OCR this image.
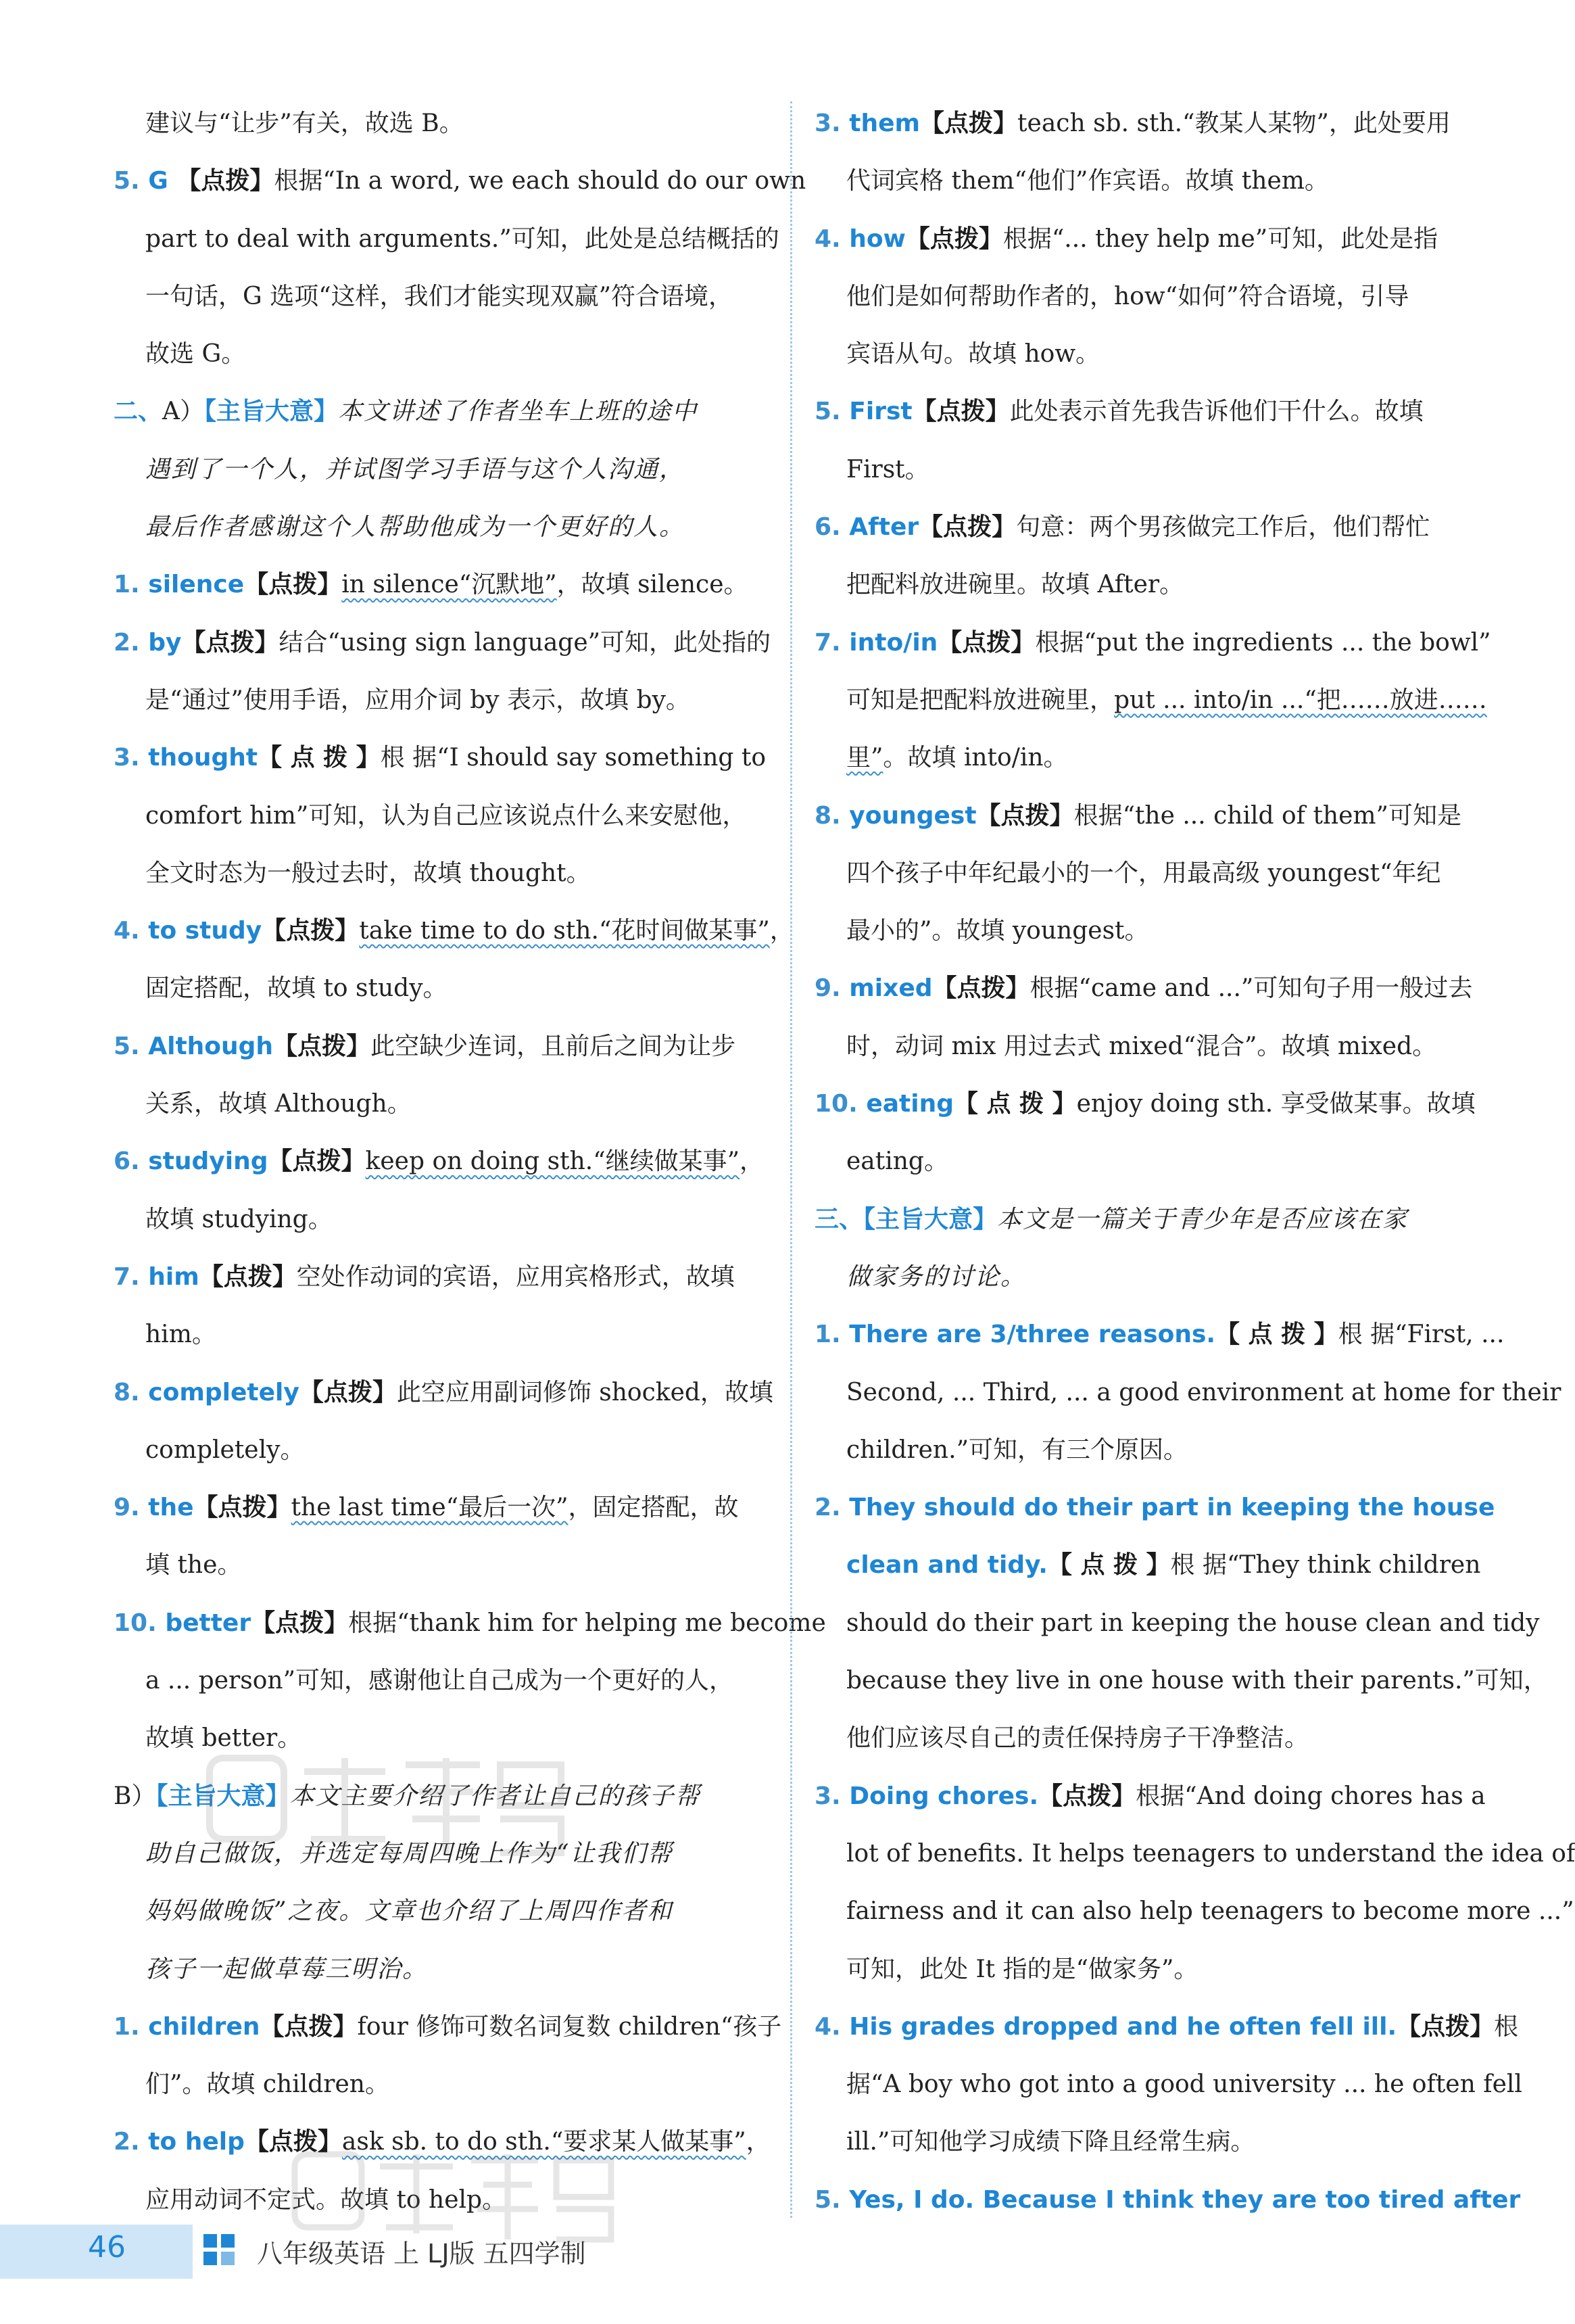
建议与“让步”有关，故选 B。
5. G 【点拨】根据“In a word, we each should do our own
part to deal with arguments.”可知，此处是总结概括的
一句话，G 选项“这样，我们才能实现双赢”符合语境，
故选 G。
二、A）【主旨大意】本文讲述了作者坐车上班的途中
遇到了一个人，并试图学习手语与这个人沟通，
最后作者感谢这个人帮助他成为一个更好的人。
1. silence【点拨】in silence“沉默地”，故填 silence。
2. by【点拨】结合“using sign language”可知，此处指的
是“通过”使用手语，应用介词 by 表示，故填 by。
3. thought【 点 拨 】根 据“I should say something to
comfort him”可知，认为自己应该说点什么来安慰他，
全文时态为一般过去时，故填 thought。
4. to study【点拨】take time to do sth.“花时间做某事”，
固定搭配，故填 to study。
5. Although【点拨】此空缺少连词，且前后之间为让步
关系，故填 Although。
6. studying【点拨】keep on doing sth.“继续做某事”，
故填 studying。
7. him【点拨】空处作动词的宾语，应用宾格形式，故填
him。
8. completely【点拨】此空应用副词修饰 shocked，故填
completely。
9. the【点拨】the last time“最后一次”，固定搭配，故
填 the。
10. better【点拨】根据“thank him for helping me become
a ... person”可知，感谢他让自己成为一个更好的人，
故填 better。
B）【主旨大意】本文主要介绍了作者让自己的孩子帮
助自己做饭，并选定每周四晚上作为“让我们帮
妈妈做晚饭”之夜。文章也介绍了上周四作者和
孩子一起做草莓三明治。
1. children【点拨】four 修饰可数名词复数 children“孩子
们”。故填 children。
2. to help【点拨】ask sb. to do sth.“要求某人做某事”，
应用动词不定式。故填 to help。
3. them【点拨】teach sb. sth.“教某人某物”，此处要用
代词宾格 them“他们”作宾语。故填 them。
4. how【点拨】根据“... they help me”可知，此处是指
他们是如何帮助作者的，how“如何”符合语境，引导
宾语从句。故填 how。
5. First【点拨】此处表示首先我告诉他们干什么。故填
First。
6. After【点拨】句意：两个男孩做完工作后，他们帮忙
把配料放进碗里。故填 After。
7. into/in【点拨】根据“put the ingredients ... the bowl”
可知是把配料放进碗里，put ... into/in ...“把……放进……
里”。故填 into/in。
8. youngest【点拨】根据“the ... child of them”可知是
四个孩子中年纪最小的一个，用最高级 youngest“年纪
最小的”。故填 youngest。
9. mixed【点拨】根据“came and ...”可知句子用一般过去
时，动词 mix 用过去式 mixed“混合”。故填 mixed。
10. eating【 点 拨 】enjoy doing sth. 享受做某事。故填
eating。
三、【主旨大意】本文是一篇关于青少年是否应该在家
做家务的讨论。
1. There are 3/three reasons.【 点 拨 】根 据“First, ...
Second, ... Third, ... a good environment at home for their
children.”可知，有三个原因。
2. They should do their part in keeping the house
clean and tidy.【 点 拨 】根 据“They think children
should do their part in keeping the house clean and tidy
because they live in one house with their parents.”可知，
他们应该尽自己的责任保持房子干净整洁。
3. Doing chores.【点拨】根据“And doing chores has a
lot of benefits. It helps teenagers to understand the idea of
fairness and it can also help teenagers to become more ...”
可知，此处 It 指的是“做家务”。
4. His grades dropped and he often fell ill.【点拨】根
据“A boy who got into a good university ... he often fell
ill.”可知他学习成绩下降且经常生病。
5. Yes, I do. Because I think they are too tired after
46	八年级英语 上 LJ版 五四学制
